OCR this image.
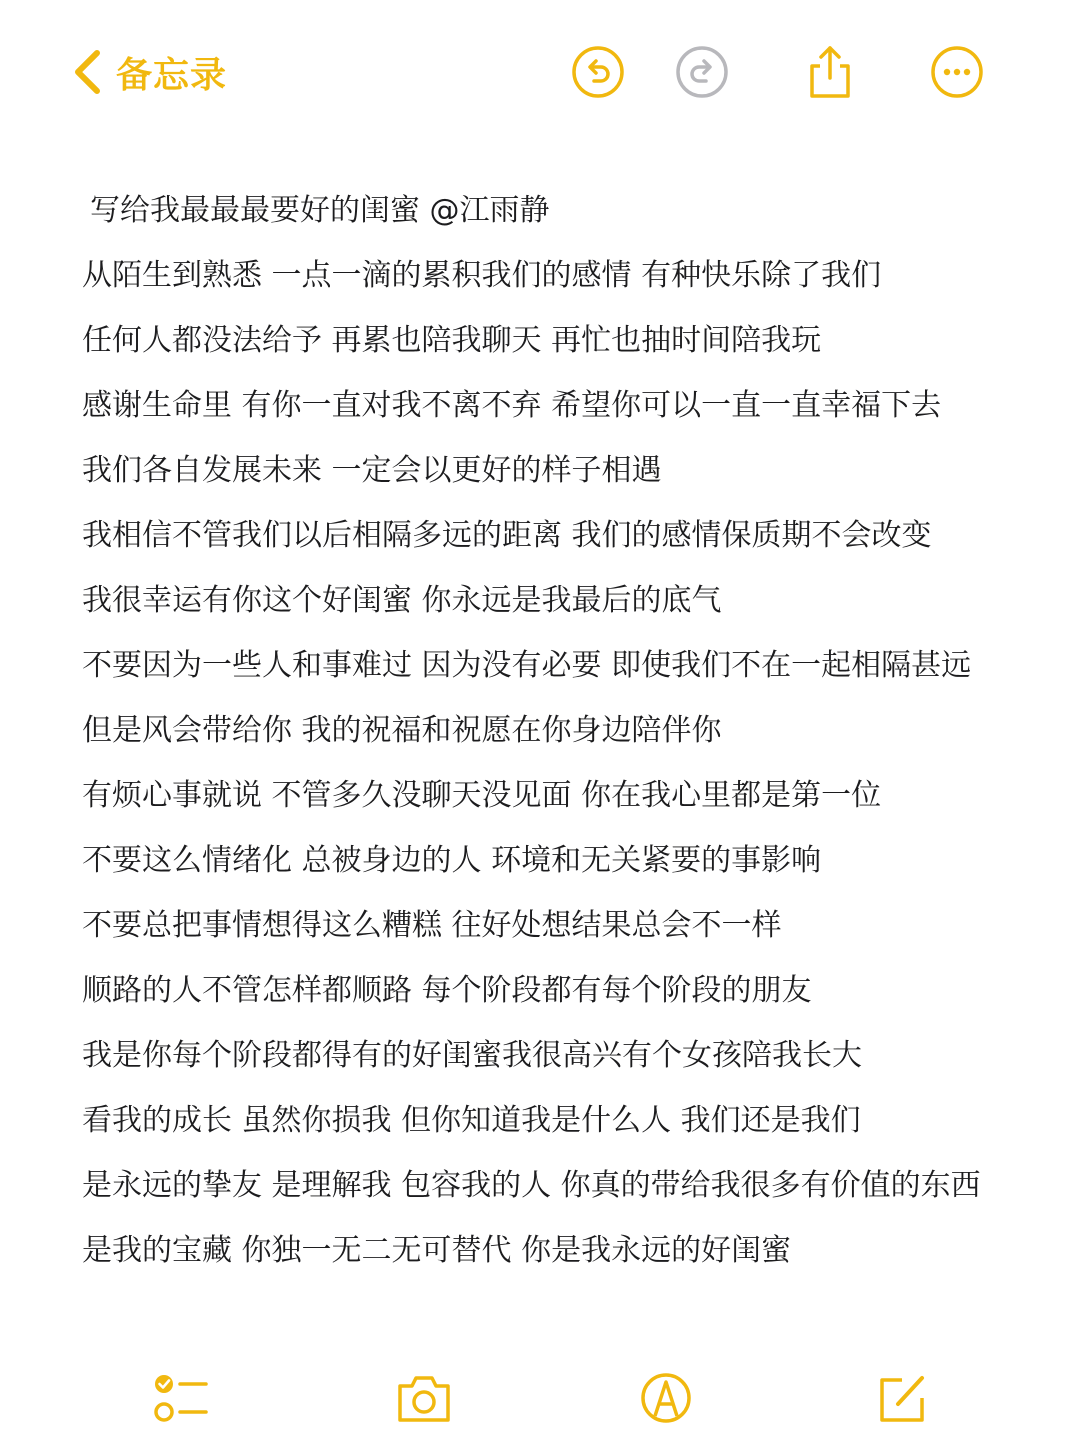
备忘录
写给我最最最要好的闺蜜 @江雨静
从陌生到熟悉 一点一滴的累积我们的感情 有种快乐除了我们
任何人都没法给予 再累也陪我聊天 再忙也抽时间陪我玩
感谢生命里 有你一直对我不离不弃 希望你可以一直一直幸福下去
我们各自发展未来 一定会以更好的样子相遇
我相信不管我们以后相隔多远的距离 我们的感情保质期不会改变
我很幸运有你这个好闺蜜 你永远是我最后的底气
不要因为一些人和事难过 因为没有必要 即使我们不在一起相隔甚远
但是风会带给你 我的祝福和祝愿在你身边陪伴你
有烦心事就说 不管多久没聊天没见面 你在我心里都是第一位
不要这么情绪化 总被身边的人 环境和无关紧要的事影响
不要总把事情想得这么糟糕 往好处想结果总会不一样
顺路的人不管怎样都顺路 每个阶段都有每个阶段的朋友
我是你每个阶段都得有的好闺蜜我很高兴有个女孩陪我长大
看我的成长 虽然你损我 但你知道我是什么人 我们还是我们
是永远的挚友 是理解我 包容我的人 你真的带给我很多有价值的东西
是我的宝藏 你独一无二无可替代 你是我永远的好闺蜜
